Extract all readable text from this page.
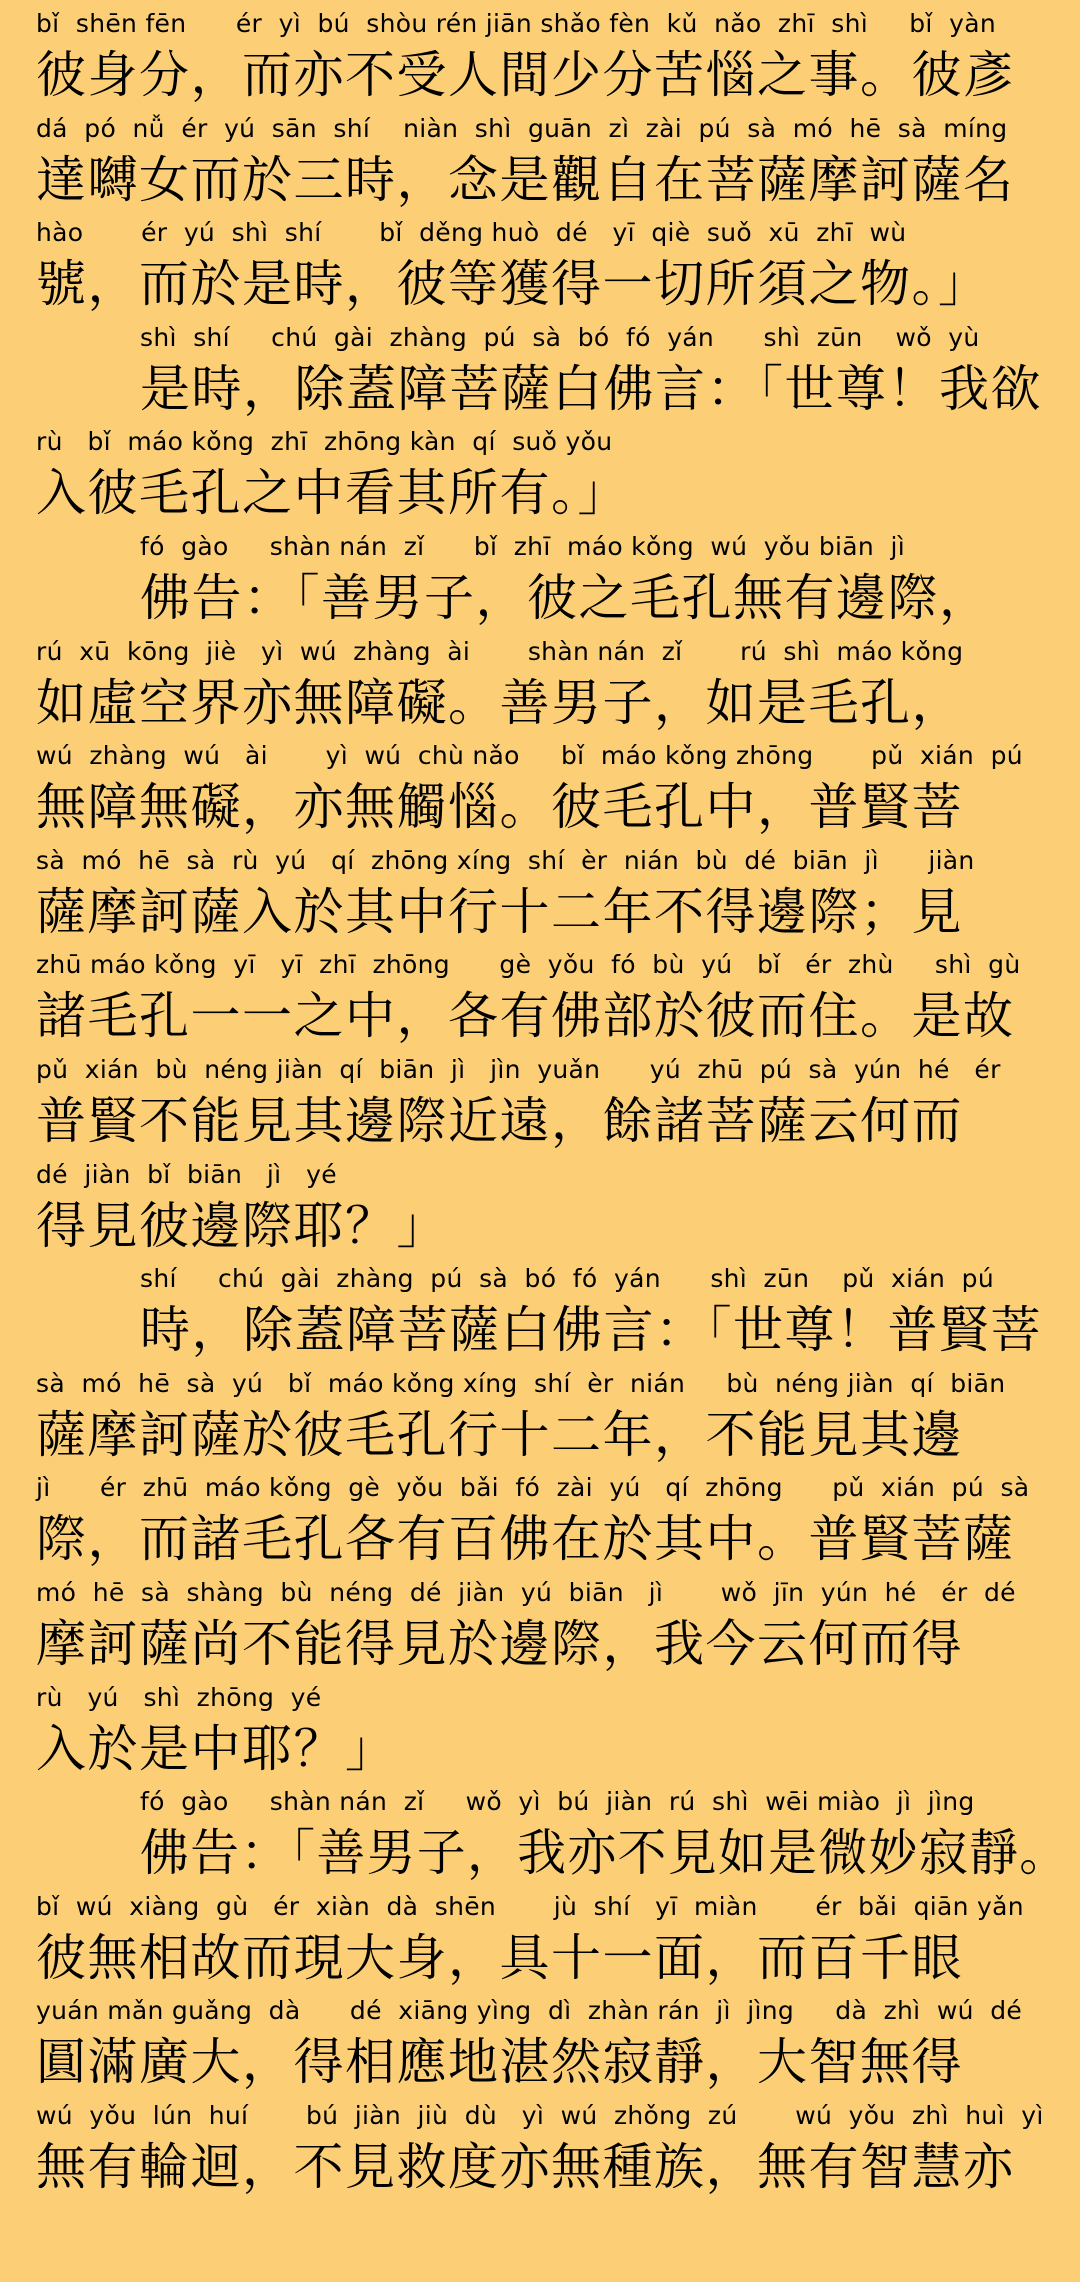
bǐ  shēn fēn      ér  yì  bú  shòu rén jiān shǎo fèn  kǔ  nǎo  zhī  shì     bǐ  yàn
彼身分，而亦不受人間少分苦惱之事。彼彥
dá  pó  nǚ  ér  yú  sān  shí    niàn  shì  guān  zì  zài  pú  sà  mó  hē  sà  míng
達嚩女而於三時，念是觀自在菩薩摩訶薩名
hào       ér  yú  shì  shí       bǐ  děng huò  dé   yī  qiè  suǒ  xū  zhī  wù
號，而於是時，彼等獲得一切所須之物。」
shì  shí     chú  gài  zhàng  pú  sà  bó  fó  yán      shì  zūn    wǒ  yù
是時，除蓋障菩薩白佛言：「世尊！我欲
rù   bǐ  máo kǒng  zhī  zhōng kàn  qí  suǒ yǒu
入彼毛孔之中看其所有。」
fó  gào     shàn nán  zǐ      bǐ  zhī  máo kǒng  wú  yǒu biān  jì
佛告：「善男子，彼之毛孔無有邊際，
rú  xū  kōng  jiè   yì  wú  zhàng  ài       shàn nán  zǐ       rú  shì  máo kǒng
如虛空界亦無障礙。善男子，如是毛孔，
wú  zhàng  wú   ài       yì  wú  chù nǎo     bǐ  máo kǒng zhōng       pǔ  xián  pú
無障無礙，亦無觸惱。彼毛孔中，普賢菩
sà  mó  hē  sà  rù  yú   qí  zhōng xíng  shí  èr  nián  bù  dé  biān  jì      jiàn
薩摩訶薩入於其中行十二年不得邊際；見
zhū máo kǒng  yī   yī  zhī  zhōng      gè  yǒu  fó  bù  yú   bǐ   ér  zhù     shì  gù
諸毛孔一一之中，各有佛部於彼而住。是故
pǔ  xián  bù  néng jiàn  qí  biān  jì   jìn  yuǎn      yú  zhū  pú  sà  yún  hé   ér
普賢不能見其邊際近遠，餘諸菩薩云何而
dé  jiàn  bǐ  biān   jì   yé
得見彼邊際耶？」
shí     chú  gài  zhàng  pú  sà  bó  fó  yán      shì  zūn    pǔ  xián  pú
時，除蓋障菩薩白佛言：「世尊！普賢菩
sà  mó  hē  sà  yú   bǐ  máo kǒng xíng  shí  èr  nián     bù  néng jiàn  qí  biān
薩摩訶薩於彼毛孔行十二年，不能見其邊
jì      ér  zhū  máo kǒng  gè  yǒu  bǎi  fó  zài  yú   qí  zhōng      pǔ  xián  pú  sà
際，而諸毛孔各有百佛在於其中。普賢菩薩
mó  hē  sà  shàng  bù  néng  dé  jiàn  yú  biān   jì       wǒ  jīn  yún  hé   ér  dé
摩訶薩尚不能得見於邊際，我今云何而得
rù   yú   shì  zhōng  yé
入於是中耶？」
fó  gào     shàn nán  zǐ     wǒ  yì  bú  jiàn  rú  shì  wēi miào  jì  jìng
佛告：「善男子，我亦不見如是微妙寂靜。
bǐ  wú  xiàng  gù   ér  xiàn  dà  shēn       jù  shí   yī  miàn       ér  bǎi  qiān yǎn
彼無相故而現大身，具十一面，而百千眼
yuán mǎn guǎng  dà      dé  xiāng yìng  dì  zhàn rán  jì  jìng     dà  zhì  wú  dé
圓滿廣大，得相應地湛然寂靜，大智無得
wú  yǒu  lún  huí       bú  jiàn  jiù  dù   yì  wú  zhǒng  zú       wú  yǒu  zhì  huì  yì
無有輪迴，不見救度亦無種族，無有智慧亦
